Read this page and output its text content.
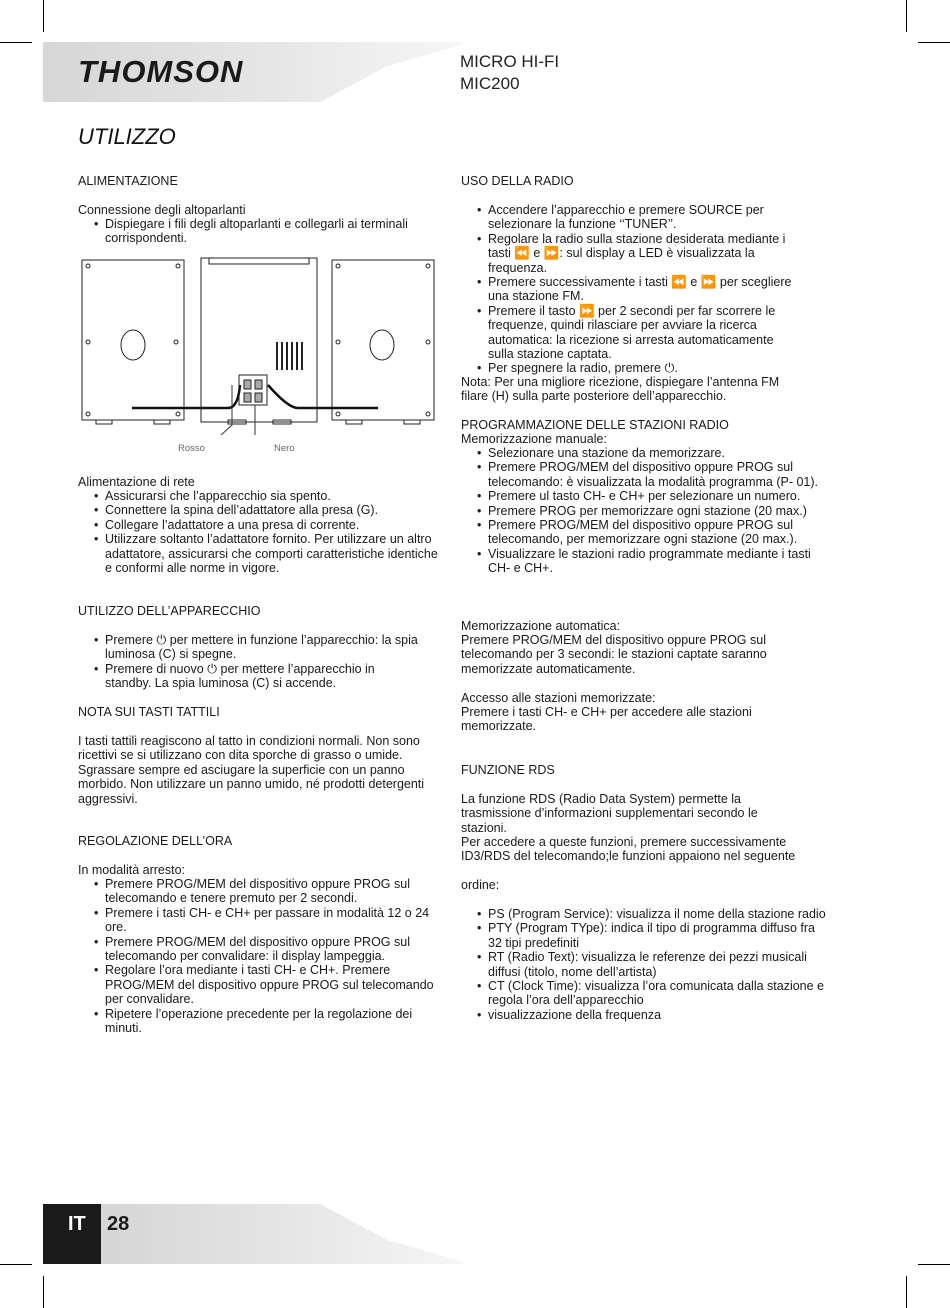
THOMSON	MICRO HI-FI
MIC200
UTILIZZO
ALIMENTAZIONE
Connessione degli altoparlanti
• Dispiegare i fili degli altoparlanti e collegarli ai terminali corrispondenti.
Rosso	Nero
Alimentazione di rete
• Assicurarsi che l’apparecchio sia spento.
• Connettere la spina dell’adattatore alla presa (G).
• Collegare l’adattatore a una presa di corrente.
• Utilizzare soltanto l’adattatore fornito. Per utilizzare un altro adattatore, assicurarsi che comporti caratteristiche identiche e conformi alle norme in vigore.
UTILIZZO DELL’APPARECCHIO
• Premere ⏻ per mettere in funzione l’apparecchio: la spia luminosa (C) si spegne.
• Premere di nuovo ⏻ per mettere l’apparecchio in standby. La spia luminosa (C) si accende.
NOTA SUI TASTI TATTILI
I tasti tattili reagiscono al tatto in condizioni normali. Non sono ricettivi se si utilizzano con dita sporche di grasso o umide. Sgrassare sempre ed asciugare la superficie con un panno morbido. Non utilizzare un panno umido, né prodotti detergenti aggressivi.
REGOLAZIONE DELL’ORA
In modalità arresto:
• Premere PROG/MEM del dispositivo oppure PROG sul telecomando e tenere premuto per 2 secondi.
• Premere i tasti CH- e CH+ per passare in modalità 12 o 24 ore.
• Premere PROG/MEM del dispositivo oppure PROG sul telecomando per convalidare: il display lampeggia.
• Regolare l’ora mediante i tasti CH- e CH+. Premere PROG/MEM del dispositivo oppure PROG sul telecomando per convalidare.
• Ripetere l’operazione precedente per la regolazione dei minuti.
USO DELLA RADIO
• Accendere l’apparecchio e premere SOURCE per selezionare la funzione ‘‘TUNER’’.
• Regolare la radio sulla stazione desiderata mediante i tasti ⏪ e ⏩: sul display a LED è visualizzata la frequenza.
• Premere successivamente i tasti ⏪ e ⏩ per scegliere una stazione FM.
• Premere il tasto ⏩ per 2 secondi per far scorrere le frequenze, quindi rilasciare per avviare la ricerca automatica: la ricezione si arresta automaticamente sulla stazione captata.
• Per spegnere la radio, premere ⏻.
Nota: Per una migliore ricezione, dispiegare l’antenna FM filare (H) sulla parte posteriore dell’apparecchio.
PROGRAMMAZIONE DELLE STAZIONI RADIO
Memorizzazione manuale:
• Selezionare una stazione da memorizzare.
• Premere PROG/MEM del dispositivo oppure PROG sul telecomando: è visualizzata la modalità programma (P- 01).
• Premere ul tasto CH- e CH+ per selezionare un numero.
• Premere PROG per memorizzare ogni stazione (20 max.)
• Premere PROG/MEM del dispositivo oppure PROG sul telecomando, per memorizzare ogni stazione (20 max.).
• Visualizzare le stazioni radio programmate mediante i tasti CH- e CH+.
Memorizzazione automatica:
Premere PROG/MEM del dispositivo oppure PROG sul telecomando per 3 secondi: le stazioni captate saranno memorizzate automaticamente.
Accesso alle stazioni memorizzate:
Premere i tasti CH- e CH+ per accedere alle stazioni memorizzate.
FUNZIONE RDS
La funzione RDS (Radio Data System) permette la trasmissione d’informazioni supplementari secondo le stazioni.
Per accedere a queste funzioni, premere successivamente ID3/RDS del telecomando;le funzioni appaiono nel seguente
ordine:
• PS (Program Service): visualizza il nome della stazione radio
• PTY (Program TYpe): indica il tipo di programma diffuso fra 32 tipi predefiniti
• RT (Radio Text): visualizza le referenze dei pezzi musicali diffusi (titolo, nome dell’artista)
• CT (Clock Time): visualizza l’ora comunicata dalla stazione e regola l’ora dell’apparecchio
• visualizzazione della frequenza
IT	28
